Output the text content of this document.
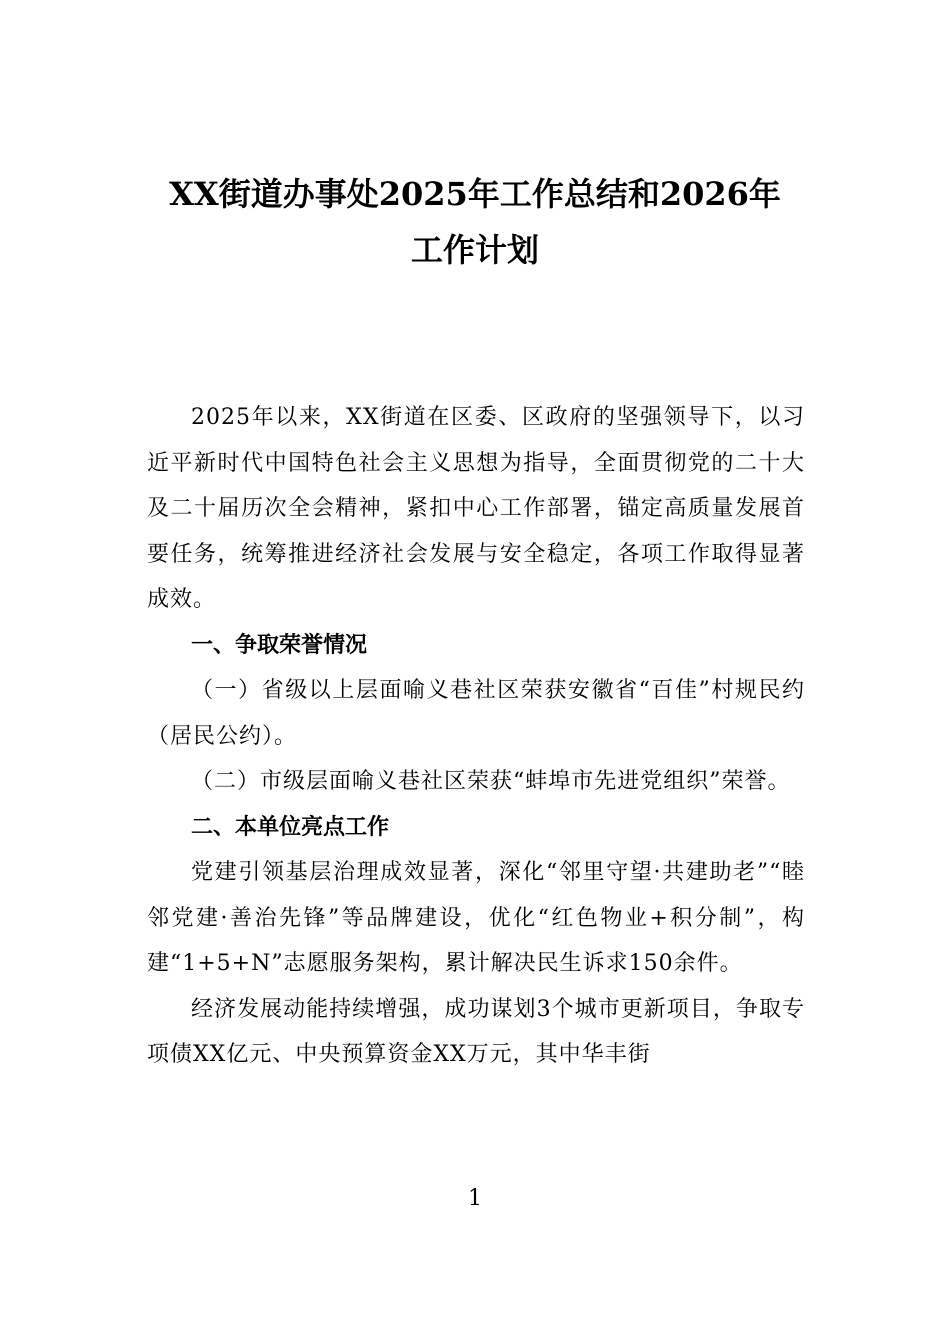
XX街道办事处2025年工作总结和2026年
工作计划

2025年以来，XX街道在区委、区政府的坚强领导下，以习近平新时代中国特色社会主义思想为指导，全面贯彻党的二十大及二十届历次全会精神，紧扣中心工作部署，锚定高质量发展首要任务，统筹推进经济社会发展与安全稳定，各项工作取得显著成效。

一、争取荣誉情况

（一）省级以上层面喻义巷社区荣获安徽省“百佳”村规民约（居民公约）。

（二）市级层面喻义巷社区荣获“蚌埠市先进党组织”荣誉。

二、本单位亮点工作

党建引领基层治理成效显著，深化“邻里守望·共建助老”“睦邻党建·善治先锋”等品牌建设，优化“红色物业+积分制”，构建“1+5+N”志愿服务架构，累计解决民生诉求150余件。

经济发展动能持续增强，成功谋划3个城市更新项目，争取专项债XX亿元、中央预算资金XX万元，其中华丰街

1
